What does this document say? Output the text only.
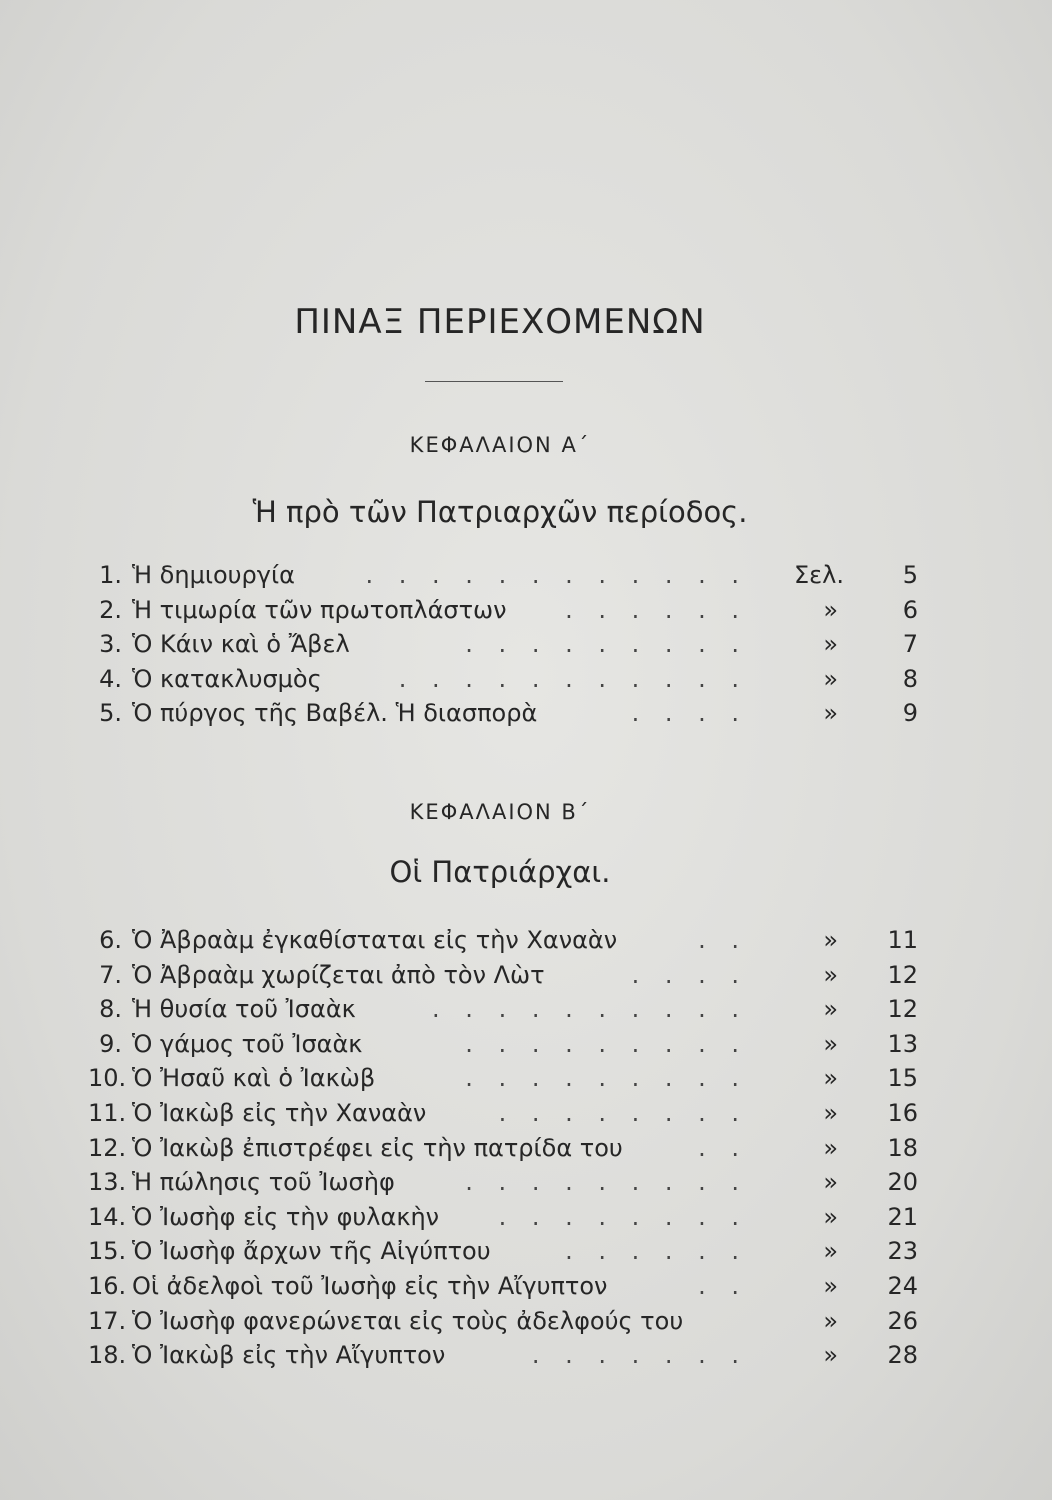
ΠΙΝΑΞ ΠΕΡΙΕΧΟΜΕΝΩΝ
ΚΕΦΑΛΑΙΟΝ Α΄
Ἡ πρὸ τῶν Πατριαρχῶν περίοδος.
1. Ἡ δημιουργία	. . . . . . . . . . . . Σελ.	5
2. Ἡ τιμωρία τῶν πρωτοπλάστων	. . . . . .	»	6
3. Ὁ Κάιν καὶ ὁ Ἄβελ	. . . . . . . . .	»	7
4. Ὁ κατακλυσμὸς	. . . . . . . . . . .	»	8
5. Ὁ πύργος τῆς Βαβέλ. Ἡ διασπορὰ	. . . .	»	9
ΚΕΦΑΛΑΙΟΝ Β΄
Οἱ Πατριάρχαι.
6. Ὁ Ἀβραὰμ ἐγκαθίσταται εἰς τὴν Χαναὰν	. .	»	11
7. Ὁ Ἀβραὰμ χωρίζεται ἀπὸ τὸν Λὼτ	. . . .	»	12
8. Ἡ θυσία τοῦ Ἰσαὰκ	. . . . . . . . . .	»	12
9. Ὁ γάμος τοῦ Ἰσαὰκ	. . . . . . . . .	»	13
10. Ὁ Ἠσαῦ καὶ ὁ Ἰακὼβ	. . . . . . . . .	»	15
11. Ὁ Ἰακὼβ εἰς τὴν Χαναὰν	. . . . . . . .	»	16
12. Ὁ Ἰακὼβ ἐπιστρέφει εἰς τὴν πατρίδα του	. .	»	18
13. Ἡ πώλησις τοῦ Ἰωσὴφ	. . . . . . . . .	»	20
14. Ὁ Ἰωσὴφ εἰς τὴν φυλακὴν	. . . . . . . .	»	21
15. Ὁ Ἰωσὴφ ἄρχων τῆς Αἰγύπτου	. . . . . .	»	23
16. Οἱ ἀδελφοὶ τοῦ Ἰωσὴφ εἰς τὴν Αἴγυπτον	. .	»	24
17. Ὁ Ἰωσὴφ φανερώνεται εἰς τοὺς ἀδελφούς του	»	26
18. Ὁ Ἰακὼβ εἰς τὴν Αἴγυπτον	. . . . . . .	»	28
